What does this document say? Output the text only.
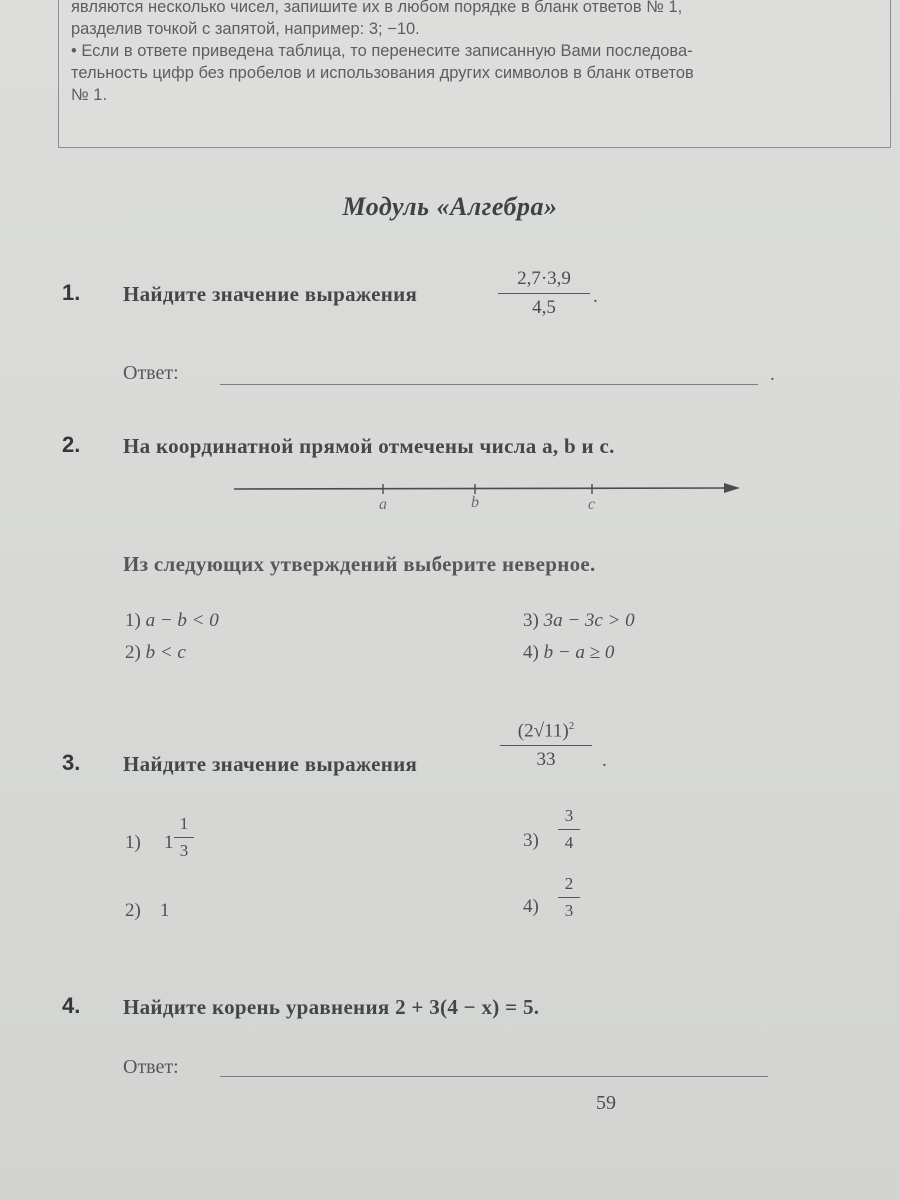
являются несколько чисел, запишите их в любом порядке в бланк ответов № 1,

разделив точкой с запятой, например: 3; −10.

• Если в ответе приведена таблица, то перенесите записанную Вами последова-

тельность цифр без пробелов и использования других символов в бланк ответов

№ 1.

Модуль «Алгебра»
1. Найдите значение выражения
2,7·3,9
4,5
.
Ответ:	.
2. На координатной прямой отмечены числа a, b и c.
a	b	c
Из следующих утверждений выберите неверное.
1) a − b < 0
2) b < c
3) 3a − 3c > 0
4) b − a ≥ 0
3. Найдите значение выражения
$(2√11)^2$
33	.
1) 1
1
3
2) 1
3)
3
4
4)
2
3
4. Найдите корень уравнения 2 + 3(4 − x) = 5.
Ответ:
59
